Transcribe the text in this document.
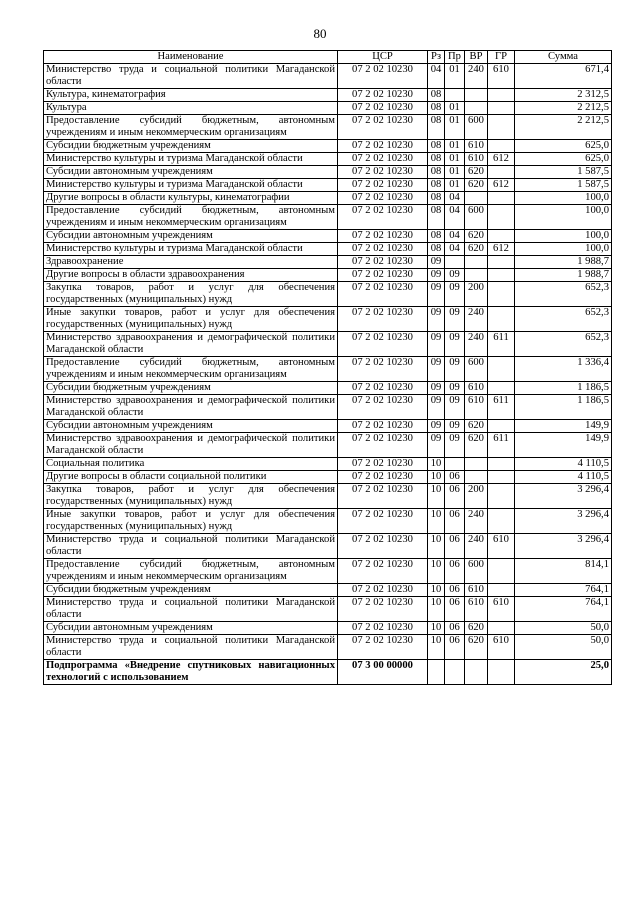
80
Наименование	ЦСР	Рз	Пр	ВР	ГР	Сумма
Министерство труда и социальной политики Магаданской области	07 2 02 10230	04	01	240	610	671,4
Культура, кинематография	07 2 02 10230	08				2 312,5
Культура	07 2 02 10230	08	01			2 212,5
Предоставление субсидий бюджетным, автономным учреждениям и иным некоммерческим организациям	07 2 02 10230	08	01	600		2 212,5
Субсидии бюджетным учреждениям	07 2 02 10230	08	01	610		625,0
Министерство культуры и туризма Магаданской области	07 2 02 10230	08	01	610	612	625,0
Субсидии автономным учреждениям	07 2 02 10230	08	01	620		1 587,5
Министерство культуры и туризма Магаданской области	07 2 02 10230	08	01	620	612	1 587,5
Другие вопросы в области культуры, кинематографии	07 2 02 10230	08	04			100,0
Предоставление субсидий бюджетным, автономным учреждениям и иным некоммерческим организациям	07 2 02 10230	08	04	600		100,0
Субсидии автономным учреждениям	07 2 02 10230	08	04	620		100,0
Министерство культуры и туризма Магаданской области	07 2 02 10230	08	04	620	612	100,0
Здравоохранение	07 2 02 10230	09				1 988,7
Другие вопросы в области здравоохранения	07 2 02 10230	09	09			1 988,7
Закупка товаров, работ и услуг для обеспечения государственных (муниципальных) нужд	07 2 02 10230	09	09	200		652,3
Иные закупки товаров, работ и услуг для обеспечения государственных (муниципальных) нужд	07 2 02 10230	09	09	240		652,3
Министерство здравоохранения и демографической политики Магаданской области	07 2 02 10230	09	09	240	611	652,3
Предоставление субсидий бюджетным, автономным учреждениям и иным некоммерческим организациям	07 2 02 10230	09	09	600		1 336,4
Субсидии бюджетным учреждениям	07 2 02 10230	09	09	610		1 186,5
Министерство здравоохранения и демографической политики Магаданской области	07 2 02 10230	09	09	610	611	1 186,5
Субсидии автономным учреждениям	07 2 02 10230	09	09	620		149,9
Министерство здравоохранения и демографической политики Магаданской области	07 2 02 10230	09	09	620	611	149,9
Социальная политика	07 2 02 10230	10				4 110,5
Другие вопросы в области социальной политики	07 2 02 10230	10	06			4 110,5
Закупка товаров, работ и услуг для обеспечения государственных (муниципальных) нужд	07 2 02 10230	10	06	200		3 296,4
Иные закупки товаров, работ и услуг для обеспечения государственных (муниципальных) нужд	07 2 02 10230	10	06	240		3 296,4
Министерство труда и социальной политики Магаданской области	07 2 02 10230	10	06	240	610	3 296,4
Предоставление субсидий бюджетным, автономным учреждениям и иным некоммерческим организациям	07 2 02 10230	10	06	600		814,1
Субсидии бюджетным учреждениям	07 2 02 10230	10	06	610		764,1
Министерство труда и социальной политики Магаданской области	07 2 02 10230	10	06	610	610	764,1
Субсидии автономным учреждениям	07 2 02 10230	10	06	620		50,0
Министерство труда и социальной политики Магаданской области	07 2 02 10230	10	06	620	610	50,0
Подпрограмма «Внедрение спутниковых навигационных технологий с использованием	07 3 00 00000					25,0
